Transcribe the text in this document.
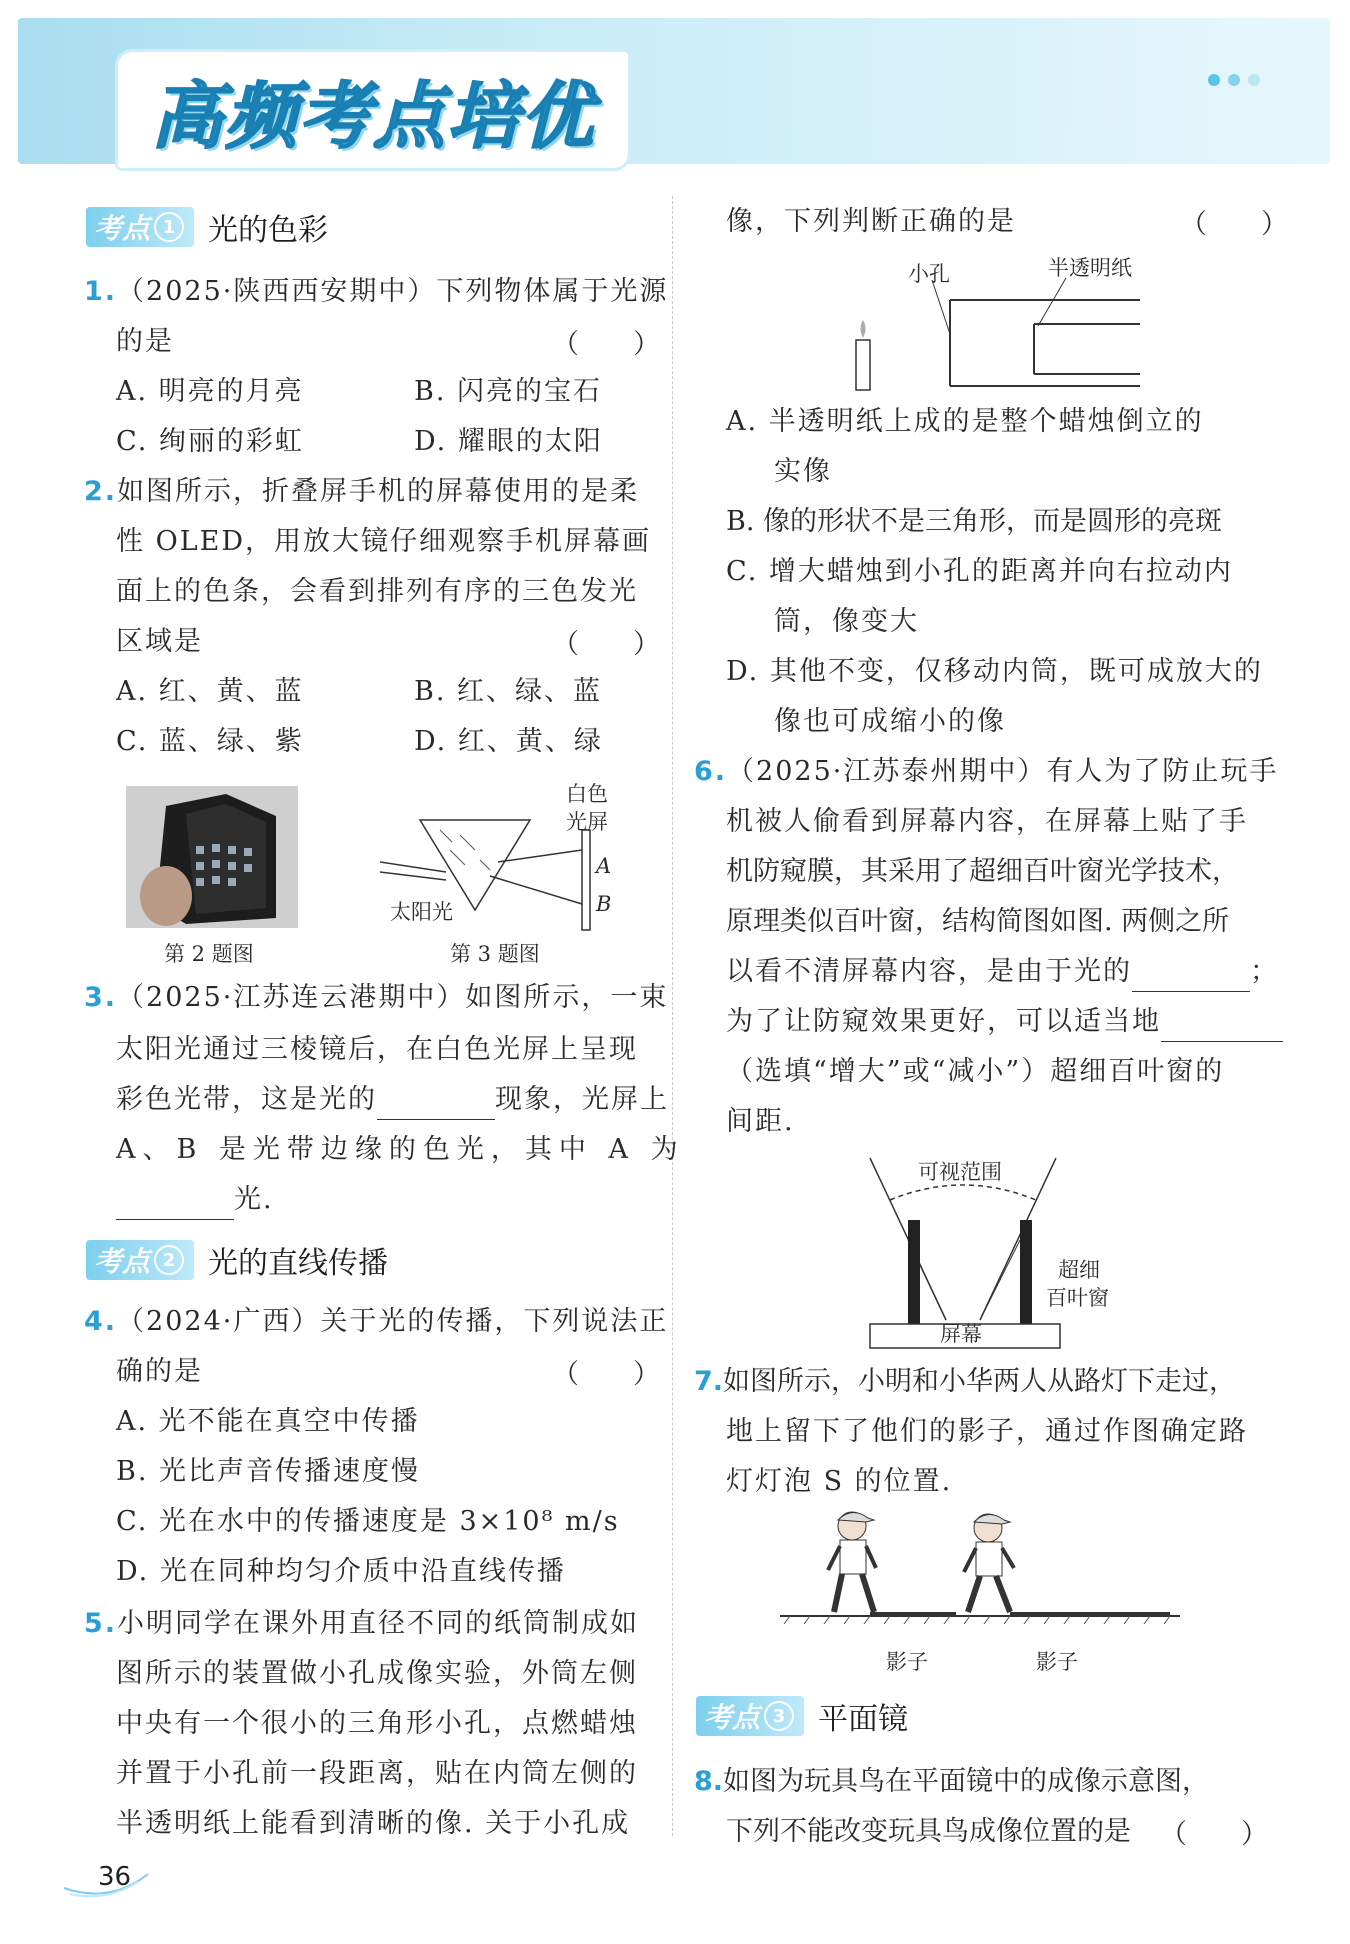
高频考点培优
考点 1 光的色彩
1.（2025·陕西西安期中）下列物体属于光源
的是	（　　）
A. 明亮的月亮	B. 闪亮的宝石
C. 绚丽的彩虹	D. 耀眼的太阳
2.如图所示，折叠屏手机的屏幕使用的是柔
性 OLED，用放大镜仔细观察手机屏幕画
面上的色条，会看到排列有序的三色发光
区域是	（　　）
A. 红、黄、蓝	B. 红、绿、蓝
C. 蓝、绿、紫	D. 红、黄、绿
第 2 题图
白色
光屏
太阳光
A
B
第 3 题图
3.（2025·江苏连云港期中）如图所示，一束
太阳光通过三棱镜后，在白色光屏上呈现
彩色光带，这是光的	现象，光屏上
A、B 是光带边缘的色光，其中 A 为
光.
考点 2 光的直线传播
4.（2024·广西）关于光的传播，下列说法正
确的是	（　　）
A. 光不能在真空中传播
B. 光比声音传播速度慢
C. 光在水中的传播速度是 3×10⁸ m/s
D. 光在同种均匀介质中沿直线传播
5.小明同学在课外用直径不同的纸筒制成如
图所示的装置做小孔成像实验，外筒左侧
中央有一个很小的三角形小孔，点燃蜡烛
并置于小孔前一段距离，贴在内筒左侧的
半透明纸上能看到清晰的像. 关于小孔成
36
像，下列判断正确的是	（　　）
小孔	半透明纸
A. 半透明纸上成的是整个蜡烛倒立的
实像
B. 像的形状不是三角形，而是圆形的亮斑
C. 增大蜡烛到小孔的距离并向右拉动内
筒，像变大
D. 其他不变，仅移动内筒，既可成放大的
像也可成缩小的像
6.（2025·江苏泰州期中）有人为了防止玩手
机被人偷看到屏幕内容，在屏幕上贴了手
机防窥膜，其采用了超细百叶窗光学技术，
原理类似百叶窗，结构简图如图. 两侧之所
以看不清屏幕内容，是由于光的	；
为了让防窥效果更好，可以适当地
（选填“增大”或“减小”）超细百叶窗的
间距.
可视范围
超细
百叶窗
屏幕
7.如图所示，小明和小华两人从路灯下走过，
地上留下了他们的影子，通过作图确定路
灯灯泡 S 的位置.
影子	影子
考点 3 平面镜
8.如图为玩具鸟在平面镜中的成像示意图，
下列不能改变玩具鸟成像位置的是 （　　）
